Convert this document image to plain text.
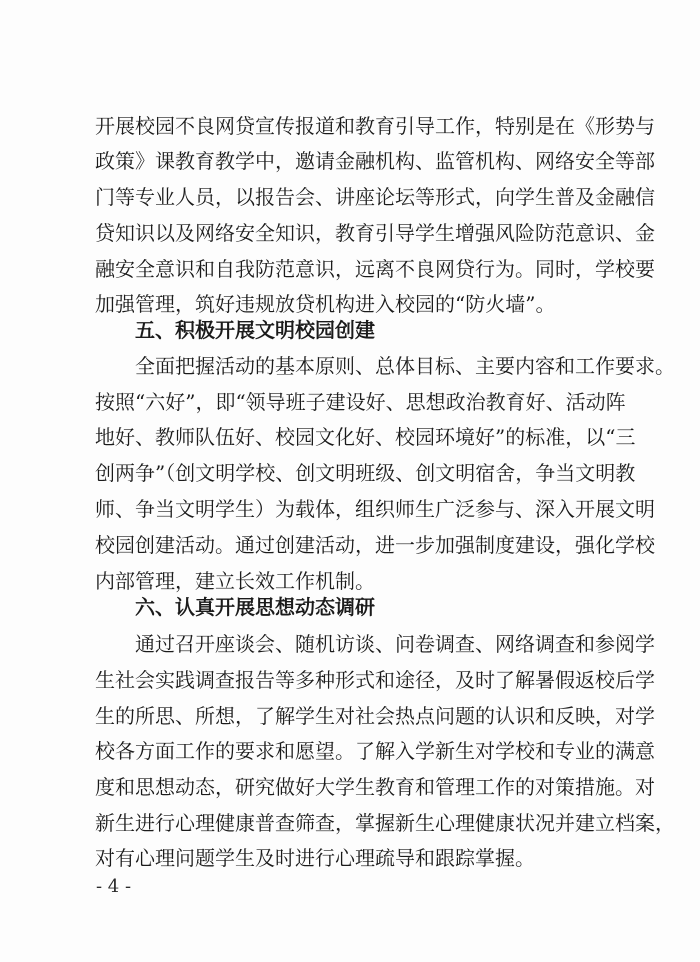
开展校园不良网贷宣传报道和教育引导工作，特别是在《形势与
政策》课教育教学中，邀请金融机构、监管机构、网络安全等部
门等专业人员，以报告会、讲座论坛等形式，向学生普及金融信
贷知识以及网络安全知识，教育引导学生增强风险防范意识、金
融安全意识和自我防范意识，远离不良网贷行为。同时，学校要
加强管理，筑好违规放贷机构进入校园的“防火墙”。
五、积极开展文明校园创建
全面把握活动的基本原则、总体目标、主要内容和工作要求。
按照“六好”，即“领导班子建设好、思想政治教育好、活动阵
地好、教师队伍好、校园文化好、校园环境好”的标准，以“三
创两争”（创文明学校、创文明班级、创文明宿舍，争当文明教
师、争当文明学生）为载体，组织师生广泛参与、深入开展文明
校园创建活动。通过创建活动，进一步加强制度建设，强化学校
内部管理，建立长效工作机制。
六、认真开展思想动态调研
通过召开座谈会、随机访谈、问卷调查、网络调查和参阅学
生社会实践调查报告等多种形式和途径，及时了解暑假返校后学
生的所思、所想，了解学生对社会热点问题的认识和反映，对学
校各方面工作的要求和愿望。了解入学新生对学校和专业的满意
度和思想动态，研究做好大学生教育和管理工作的对策措施。对
新生进行心理健康普查筛查，掌握新生心理健康状况并建立档案，
对有心理问题学生及时进行心理疏导和跟踪掌握。
- 4 -
